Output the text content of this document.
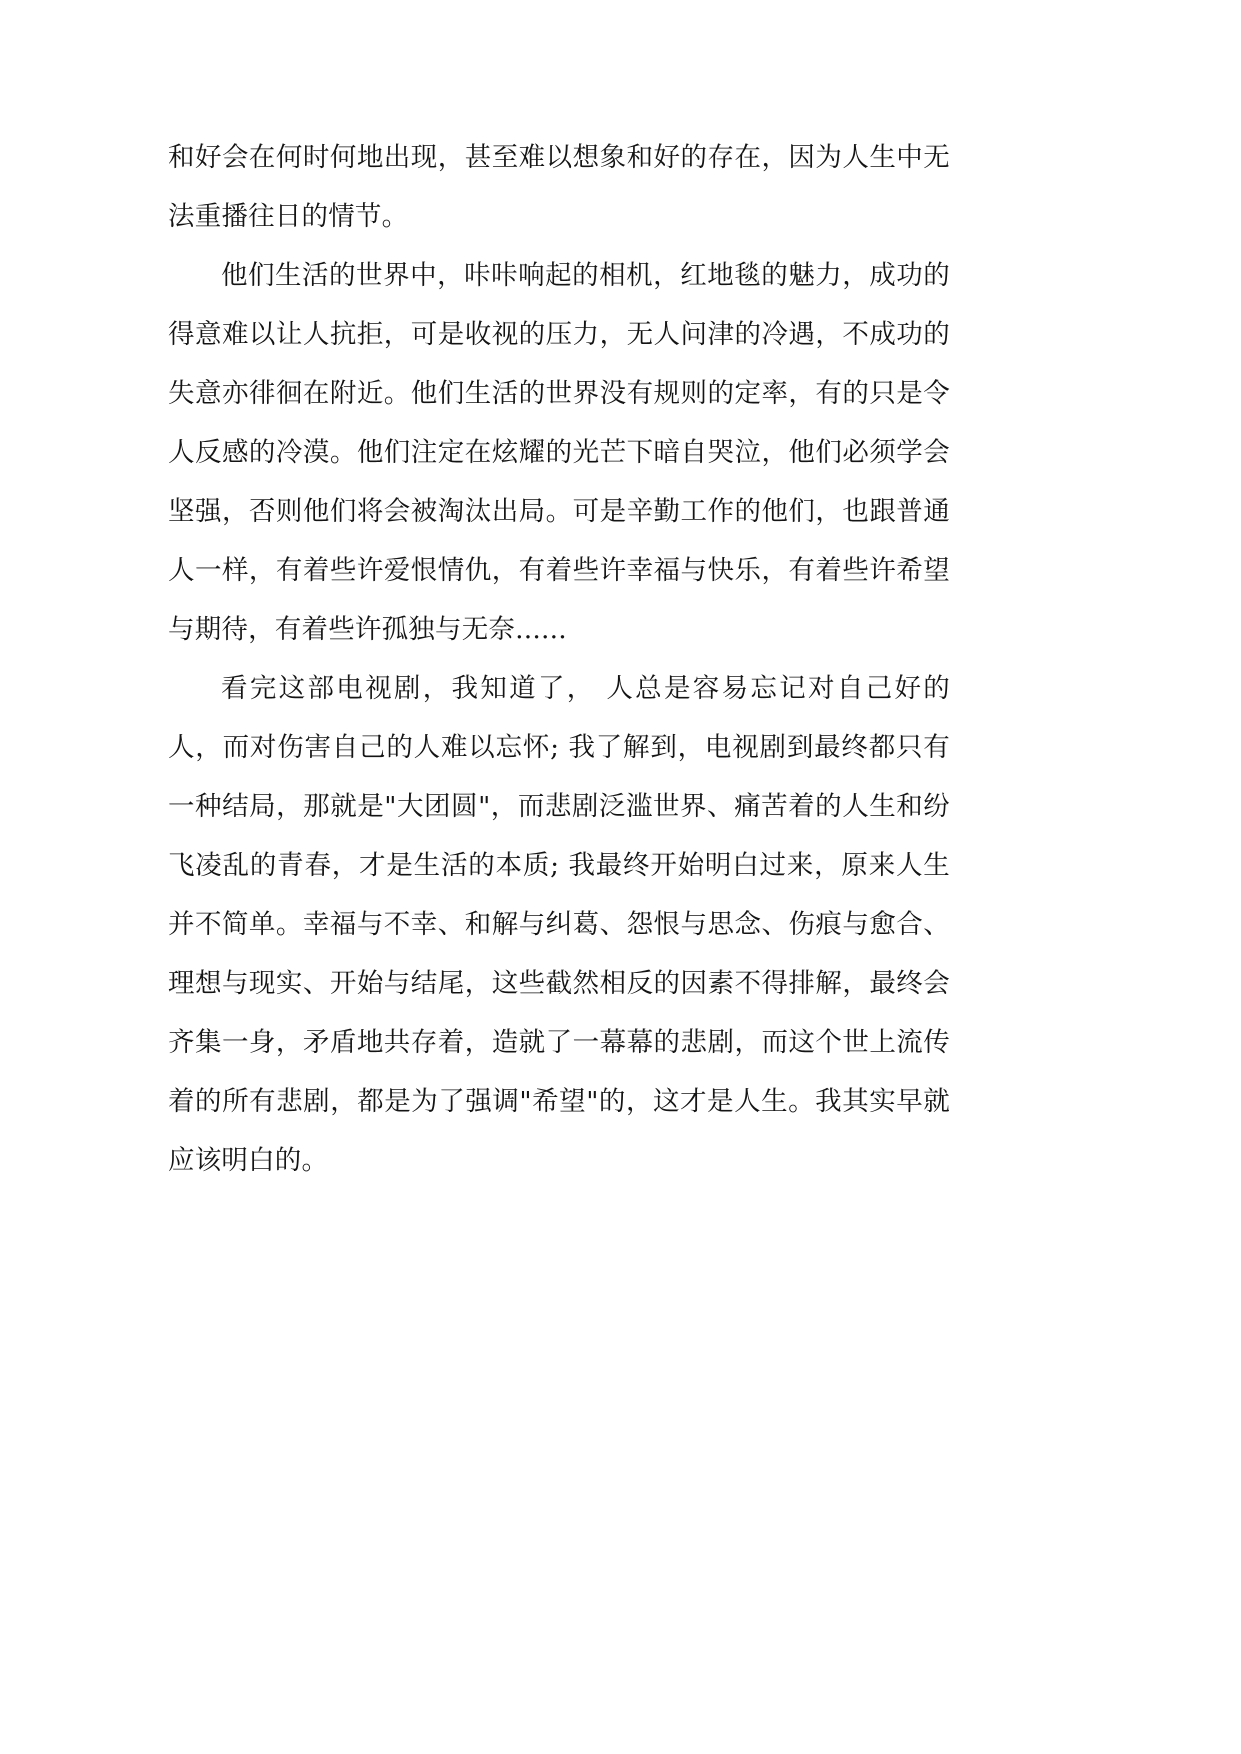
和好会在何时何地出现，甚至难以想象和好的存在，因为人生中无法重播往日的情节。

他们生活的世界中，咔咔响起的相机，红地毯的魅力，成功的得意难以让人抗拒，可是收视的压力，无人问津的冷遇，不成功的失意亦徘徊在附近。他们生活的世界没有规则的定率，有的只是令人反感的冷漠。他们注定在炫耀的光芒下暗自哭泣，他们必须学会坚强，否则他们将会被淘汰出局。可是辛勤工作的他们，也跟普通人一样，有着些许爱恨情仇，有着些许幸福与快乐，有着些许希望与期待，有着些许孤独与无奈......

看完这部电视剧，我知道了， 人总是容易忘记对自己好的人，而对伤害自己的人难以忘怀; 我了解到，电视剧到最终都只有一种结局，那就是"大团圆"，而悲剧泛滥世界、痛苦着的人生和纷飞凌乱的青春，才是生活的本质; 我最终开始明白过来，原来人生并不简单。幸福与不幸、和解与纠葛、怨恨与思念、伤痕与愈合、理想与现实、开始与结尾，这些截然相反的因素不得排解，最终会齐集一身，矛盾地共存着，造就了一幕幕的悲剧，而这个世上流传着的所有悲剧，都是为了强调"希望"的，这才是人生。我其实早就应该明白的。
